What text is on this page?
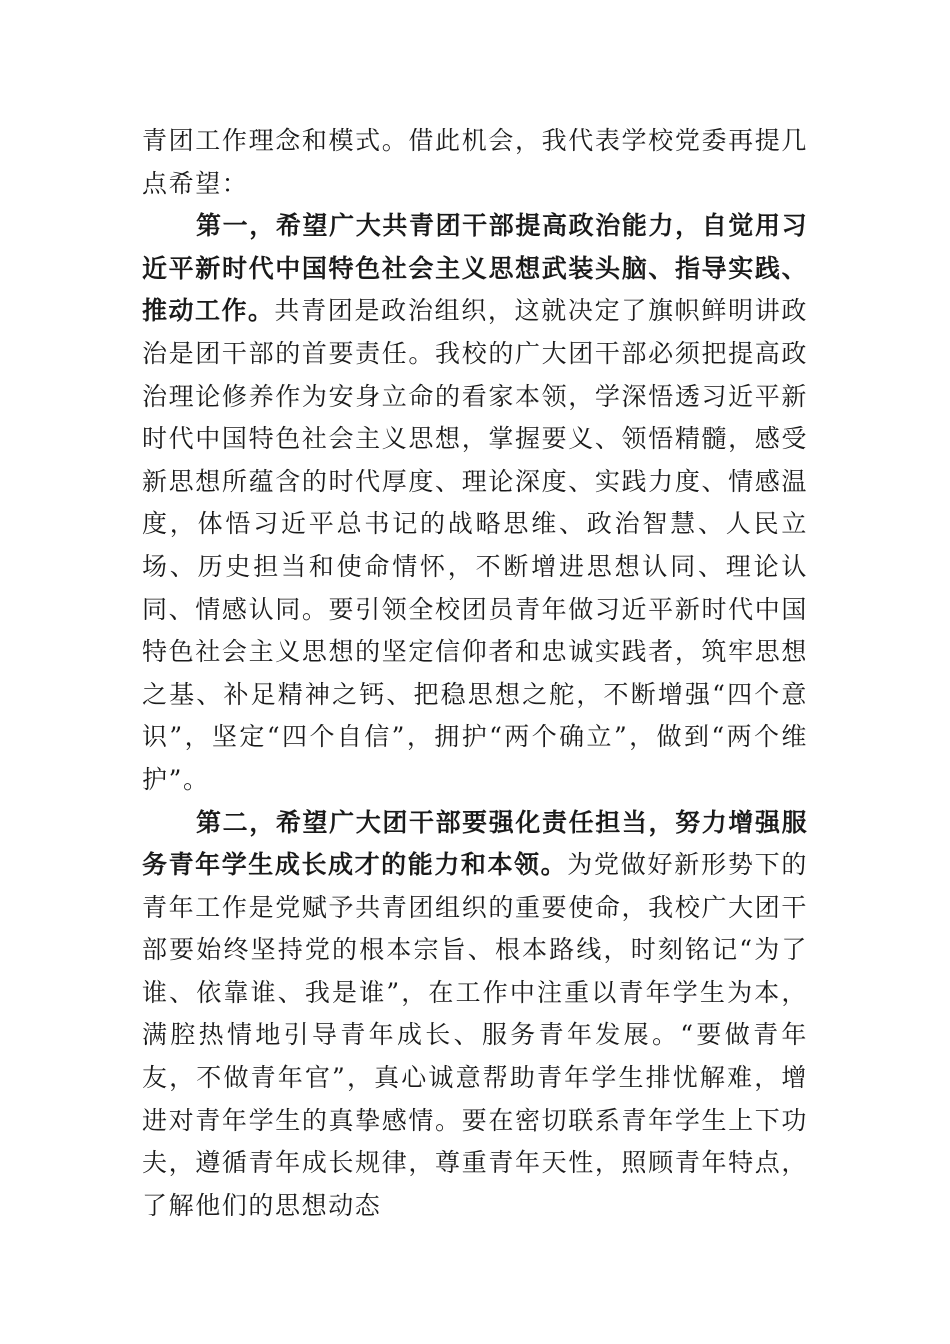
青团工作理念和模式。借此机会，我代表学校党委再提几点希望：

第一，希望广大共青团干部提高政治能力，自觉用习近平新时代中国特色社会主义思想武装头脑、指导实践、推动工作。共青团是政治组织，这就决定了旗帜鲜明讲政治是团干部的首要责任。我校的广大团干部必须把提高政治理论修养作为安身立命的看家本领，学深悟透习近平新时代中国特色社会主义思想，掌握要义、领悟精髓，感受新思想所蕴含的时代厚度、理论深度、实践力度、情感温度，体悟习近平总书记的战略思维、政治智慧、人民立场、历史担当和使命情怀，不断增进思想认同、理论认同、情感认同。要引领全校团员青年做习近平新时代中国特色社会主义思想的坚定信仰者和忠诚实践者，筑牢思想之基、补足精神之钙、把稳思想之舵，不断增强“四个意识”，坚定“四个自信”，拥护“两个确立”，做到“两个维护”。

第二，希望广大团干部要强化责任担当，努力增强服务青年学生成长成才的能力和本领。为党做好新形势下的青年工作是党赋予共青团组织的重要使命，我校广大团干部要始终坚持党的根本宗旨、根本路线，时刻铭记“为了谁、依靠谁、我是谁”，在工作中注重以青年学生为本，满腔热情地引导青年成长、服务青年发展。“要做青年友，不做青年官”，真心诚意帮助青年学生排忧解难，增进对青年学生的真挚感情。要在密切联系青年学生上下功夫，遵循青年成长规律，尊重青年天性，照顾青年特点，了解他们的思想动态
